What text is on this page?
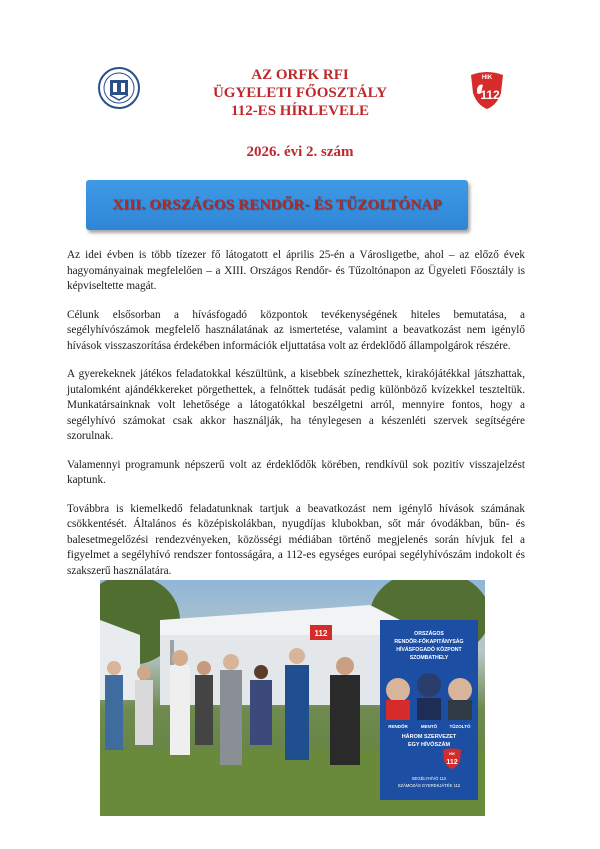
AZ ORFK RFI
ÜGYELETI FŐOSZTÁLY
112-ES HÍRLEVELE
HIK
112
2026. évi 2. szám
XIII. ORSZÁGOS RENDŐR- ÉS TŰZOLTÓNAP

Az idei évben is több tízezer fő látogatott el április 25-én a Városligetbe, ahol – az előző évek hagyományainak megfelelően – a XIII. Országos Rendőr- és Tűzoltónapon az Ügyeleti Főosztály is képviseltette magát.

Célunk elsősorban a hívásfogadó központok tevékenységének hiteles bemutatása, a segélyhívószámok megfelelő használatának az ismertetése, valamint a beavatkozást nem igénylő hívások visszaszorítása érdekében információk eljuttatása volt az érdeklődő állampolgárok részére.

A gyerekeknek játékos feladatokkal készültünk, a kisebbek színezhettek, kirakójátékkal játszhattak, jutalomként ajándékkereket pörgethettek, a felnőttek tudását pedig különböző kvízekkel teszteltük. Munkatársainknak volt lehetősége a látogatókkal beszélgetni arról, mennyire fontos, hogy a segélyhívó számokat csak akkor használják, ha ténylegesen a készenléti szervek segítségére szorulnak.

Valamennyi programunk népszerű volt az érdeklődők körében, rendkívül sok pozitív visszajelzést kaptunk.

Továbbra is kiemelkedő feladatunknak tartjuk a beavatkozást nem igénylő hívások számának csökkentését. Általános és középiskolákban, nyugdíjas klubokban, sőt már óvodákban, bűn- és balesetmegelőzési rendezvényeken, közösségi médiában történő megjelenés során hívjuk fel a figyelmet a segélyhívó rendszer fontosságára, a 112-es egységes európai segélyhívószám indokolt és szakszerű használatára.

112	ORSZÁGOS
RENDŐR-FŐKAPITÁNYSÁG
HÍVÁSFOGADÓ KÖZPONT
SZOMBATHELY
RENDŐR	MENTŐ	TŰZOLTÓ
HÁROM SZERVEZET
EGY HÍVÓSZÁM
HIK
112
SEGÉLYHÍVÓ 112
SZÁMOZÁS GYEREKJÁTÉK 112
